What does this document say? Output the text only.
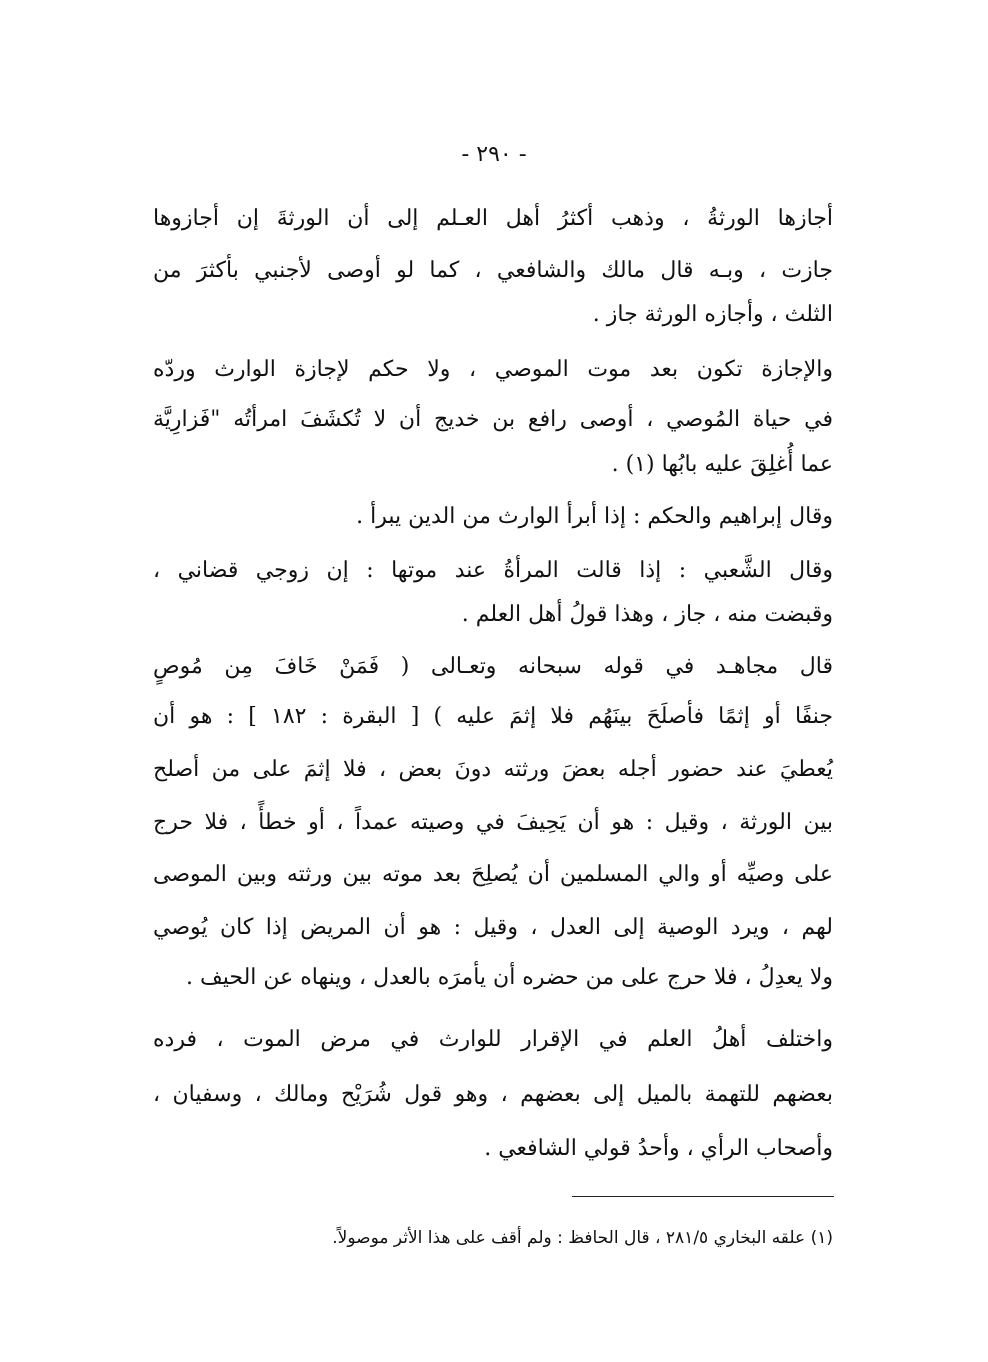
- ٢٩٠ -
أجازها الورثةُ ، وذهب أكثرُ أهل العـلم إلى أن الورثةَ إن أجازوها
جازت ، وبـه قال مالك والشافعي ، كما لو أوصى لأجنبي بأكثرَ من
الثلث ، وأجازه الورثة جاز .
والإجازة تكون بعد موت الموصي ، ولا حكم لإجازة الوارث وردّه
في حياة المُوصي ، أوصى رافع بن خديج أن لا تُكشَفَ امرأتُه "فَزارِيَّة
عما أُغلِقَ عليه بابُها (١) .
وقال إبراهيم والحكم : إذا أبرأ الوارث من الدين يبرأ .
وقال الشَّعبي : إذا قالت المرأةُ عند موتها : إن زوجي قضاني ،
وقبضت منه ، جاز ، وهذا قولُ أهل العلم .
قال مجاهـد في قوله سبحانه وتعـالى ( فَمَنْ خَافَ مِن مُوصٍ
جنفًا أو إثمًا فأصلَحَ بينَهُم فلا إثمَ عليه ) [ البقرة : ١٨٢ ] : هو أن
يُعطيَ عند حضور أجله بعضَ ورثته دونَ بعض ، فلا إثمَ على من أصلح
بين الورثة ، وقيل : هو أن يَحِيفَ في وصيته عمداً ، أو خطأً ، فلا حرج
على وصيِّه أو والي المسلمين أن يُصلِحَ بعد موته بين ورثته وبين الموصى
لهم ، ويرد الوصية إلى العدل ، وقيل : هو أن المريض إذا كان يُوصي
ولا يعدِلُ ، فلا حرج على من حضره أن يأمرَه بالعدل ، وينهاه عن الحيف .
واختلف أهلُ العلم في الإقرار للوارث في مرض الموت ، فرده
بعضهم للتهمة بالميل إلى بعضهم ، وهو قول شُرَيْح ومالك ، وسفيان ،
وأصحاب الرأي ، وأحدُ قولي الشافعي .
(١) علقه البخاري ٢٨١/٥ ، قال الحافظ : ولم أقف على هذا الأثر موصولاً.
